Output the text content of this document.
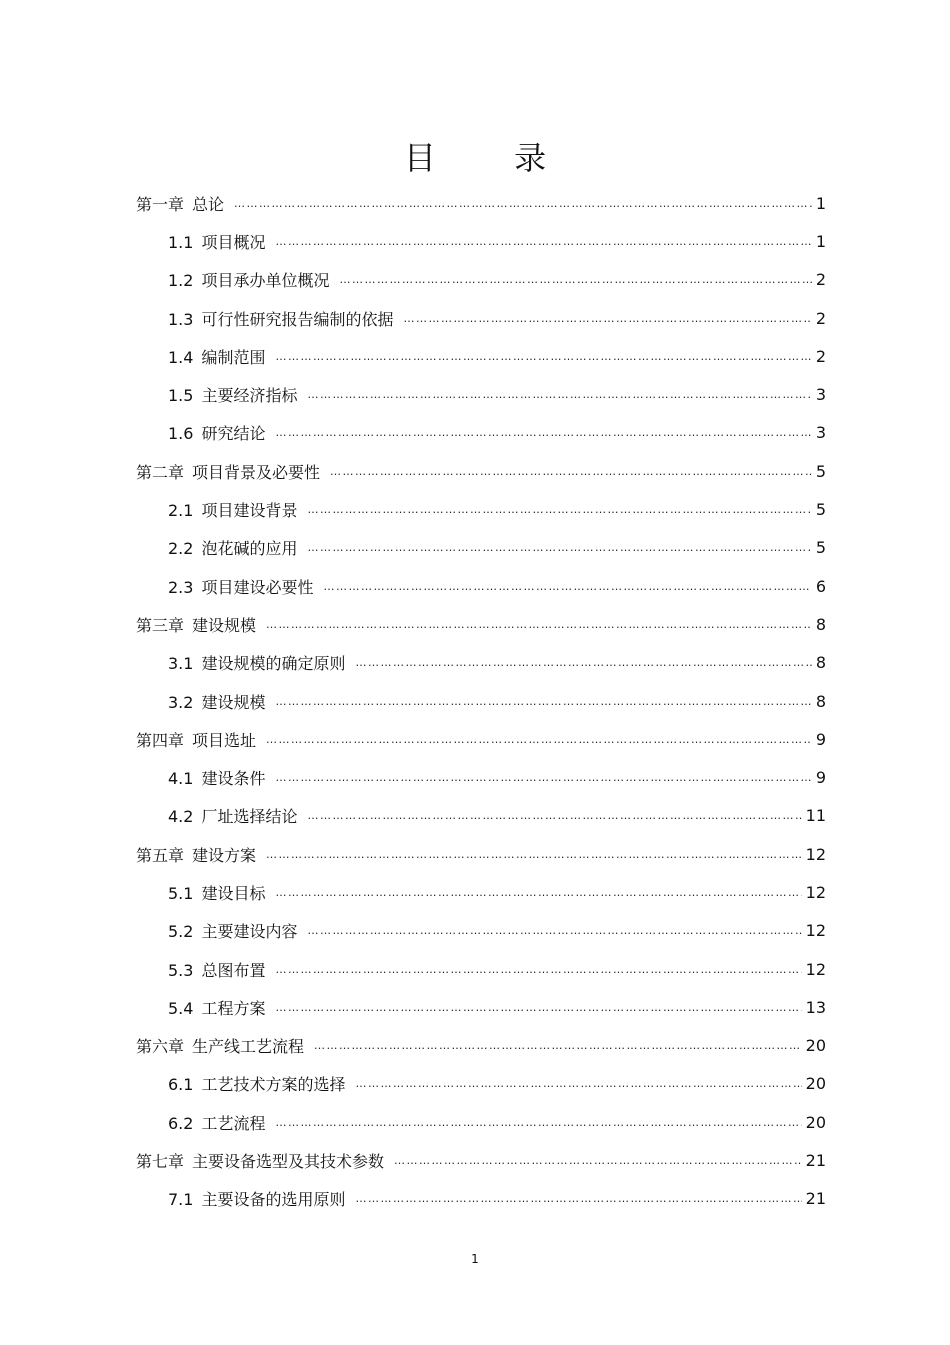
目 录
第一章 总论 …………………………………………………………………………………………………………………………………………………………………………………………………………………	1
1.1 项目概况 …………………………………………………………………………………………………………………………………………………………………………………………………………………	1
1.2 项目承办单位概况 …………………………………………………………………………………………………………………………………………………………………………………………………………………	2
1.3 可行性研究报告编制的依据 …………………………………………………………………………………………………………………………………………………………………………………………………………………	2
1.4 编制范围 …………………………………………………………………………………………………………………………………………………………………………………………………………………	2
1.5 主要经济指标 …………………………………………………………………………………………………………………………………………………………………………………………………………………	3
1.6 研究结论 …………………………………………………………………………………………………………………………………………………………………………………………………………………	3
第二章 项目背景及必要性 …………………………………………………………………………………………………………………………………………………………………………………………………………………	5
2.1 项目建设背景 …………………………………………………………………………………………………………………………………………………………………………………………………………………	5
2.2 泡花碱的应用 …………………………………………………………………………………………………………………………………………………………………………………………………………………	5
2.3 项目建设必要性 …………………………………………………………………………………………………………………………………………………………………………………………………………………	6
第三章 建设规模 …………………………………………………………………………………………………………………………………………………………………………………………………………………	8
3.1 建设规模的确定原则 …………………………………………………………………………………………………………………………………………………………………………………………………………………	8
3.2 建设规模 …………………………………………………………………………………………………………………………………………………………………………………………………………………	8
第四章 项目选址 …………………………………………………………………………………………………………………………………………………………………………………………………………………	9
4.1 建设条件 …………………………………………………………………………………………………………………………………………………………………………………………………………………	9
4.2 厂址选择结论 …………………………………………………………………………………………………………………………………………………………………………………………………………………	11
第五章 建设方案 …………………………………………………………………………………………………………………………………………………………………………………………………………………	12
5.1 建设目标 …………………………………………………………………………………………………………………………………………………………………………………………………………………	12
5.2 主要建设内容 …………………………………………………………………………………………………………………………………………………………………………………………………………………	12
5.3 总图布置 …………………………………………………………………………………………………………………………………………………………………………………………………………………	12
5.4 工程方案 …………………………………………………………………………………………………………………………………………………………………………………………………………………	13
第六章 生产线工艺流程 …………………………………………………………………………………………………………………………………………………………………………………………………………………	20
6.1 工艺技术方案的选择 …………………………………………………………………………………………………………………………………………………………………………………………………………………	20
6.2 工艺流程 …………………………………………………………………………………………………………………………………………………………………………………………………………………	20
第七章 主要设备选型及其技术参数 …………………………………………………………………………………………………………………………………………………………………………………………………………………	21
7.1 主要设备的选用原则 …………………………………………………………………………………………………………………………………………………………………………………………………………………	21
1
